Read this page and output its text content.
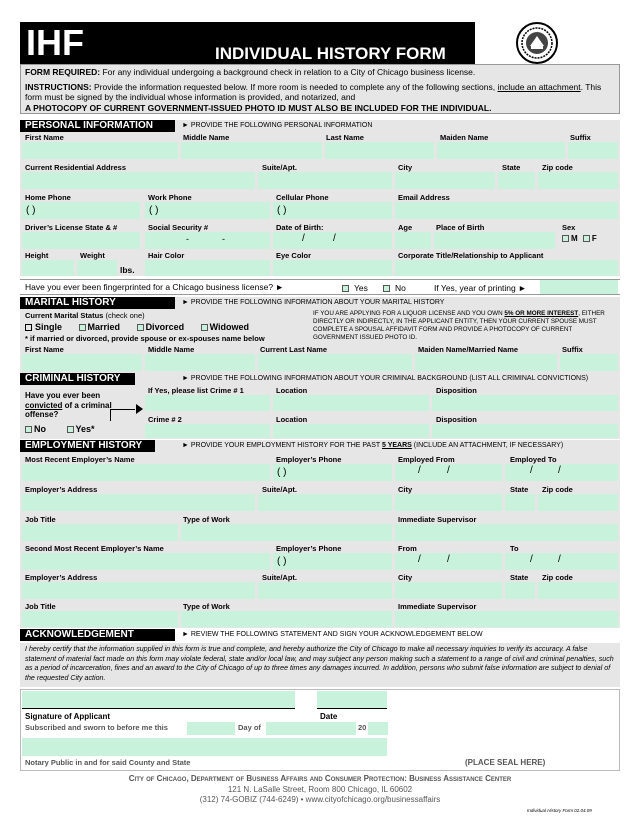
IHF	INDIVIDUAL HISTORY FORM
FORM REQUIRED: For any individual undergoing a background check in relation to a City of Chicago business license.
INSTRUCTIONS: Provide the information requested below. If more room is needed to complete any of the following sections, include an attachment. This form must be signed by the individual whose information is provided, and notarized, and
A PHOTOCOPY OF CURRENT GOVERNMENT-ISSUED PHOTO ID MUST ALSO BE INCLUDED FOR THE INDIVIDUAL.
PERSONAL INFORMATION	► PROVIDE THE FOLLOWING PERSONAL INFORMATION
First Name	Middle Name	Last Name	Maiden Name	Suffix
Current Residential Address	Suite/Apt.	City	State	Zip code
Home Phone	Work Phone	Cellular Phone	Email Address
( )	( )	( )
Driver’s License State & #	Social Security #	Date of Birth:	Age	Place of Birth	Sex
-	-	/	/	M F
Height	Weight	Hair Color	Eye Color	Corporate Title/Relationship to Applicant
lbs.
Have you ever been fingerprinted for a Chicago business license? ►	Yes	No	If Yes, year of printing ►
MARITAL HISTORY	► PROVIDE THE FOLLOWING INFORMATION ABOUT YOUR MARITAL HISTORY
Current Marital Status (check one)
Single	Married	Divorced	Widowed
* if married or divorced, provide spouse or ex-spouses name below
IF YOU ARE APPLYING FOR A LIQUOR LICENSE AND YOU OWN 5% OR MORE INTEREST, EITHER DIRECTLY OR INDIRECTLY, IN THE APPLICANT ENTITY, THEN YOUR CURRENT SPOUSE MUST COMPLETE A SPOUSAL AFFIDAVIT FORM AND PROVIDE A PHOTOCOPY OF CURRENT GOVERNMENT ISSUED PHOTO ID.
First Name	Middle Name	Current Last Name	Maiden Name/Married Name	Suffix
CRIMINAL HISTORY	► PROVIDE THE FOLLOWING INFORMATION ABOUT YOUR CRIMINAL BACKGROUND (LIST ALL CRIMINAL CONVICTIONS)
Have you ever been
convicted of a criminal
offense?
No	Yes*
If Yes, please list Crime # 1	Location	Disposition
Crime # 2	Location	Disposition
EMPLOYMENT HISTORY	► PROVIDE YOUR EMPLOYMENT HISTORY FOR THE PAST 5 YEARS (INCLUDE AN ATTACHMENT, IF NECESSARY)
Most Recent Employer’s Name	Employer’s Phone	Employed From	Employed To
( )	/	/	/	/
Employer’s Address	Suite/Apt.	City	State Zip code
Job Title	Type of Work	Immediate Supervisor
Second Most Recent Employer’s Name	Employer’s Phone	From	To
( )	/	/	/	/
Employer’s Address	Suite/Apt.	City	State Zip code
Job Title	Type of Work	Immediate Supervisor
ACKNOWLEDGEMENT	► REVIEW THE FOLLOWING STATEMENT AND SIGN YOUR ACKNOWLEDGEMENT BELOW
I hereby certify that the information supplied in this form is true and complete, and hereby authorize the City of Chicago to make all necessary inquiries to verify its accuracy. A false statement of material fact made on this form may violate federal, state and/or local law, and may subject any person making such a statement to a range of civil and criminal penalties, such as a period of incarceration, fines and an award to the City of Chicago of up to three times any damages incurred. In addition, persons who submit false information are subject to denial of the requested City action.
Signature of Applicant	Date
Subscribed and sworn to before me this	Day of	20
Notary Public in and for said County and State	(PLACE SEAL HERE)
City of Chicago, Department of Business Affairs and Consumer Protection: Business Assistance Center
121 N. LaSalle Street, Room 800 Chicago, IL 60602
(312) 74-GOBIZ (744-6249) • www.cityofchicago.org/businessaffairs
Individual History Form 02.04.09
